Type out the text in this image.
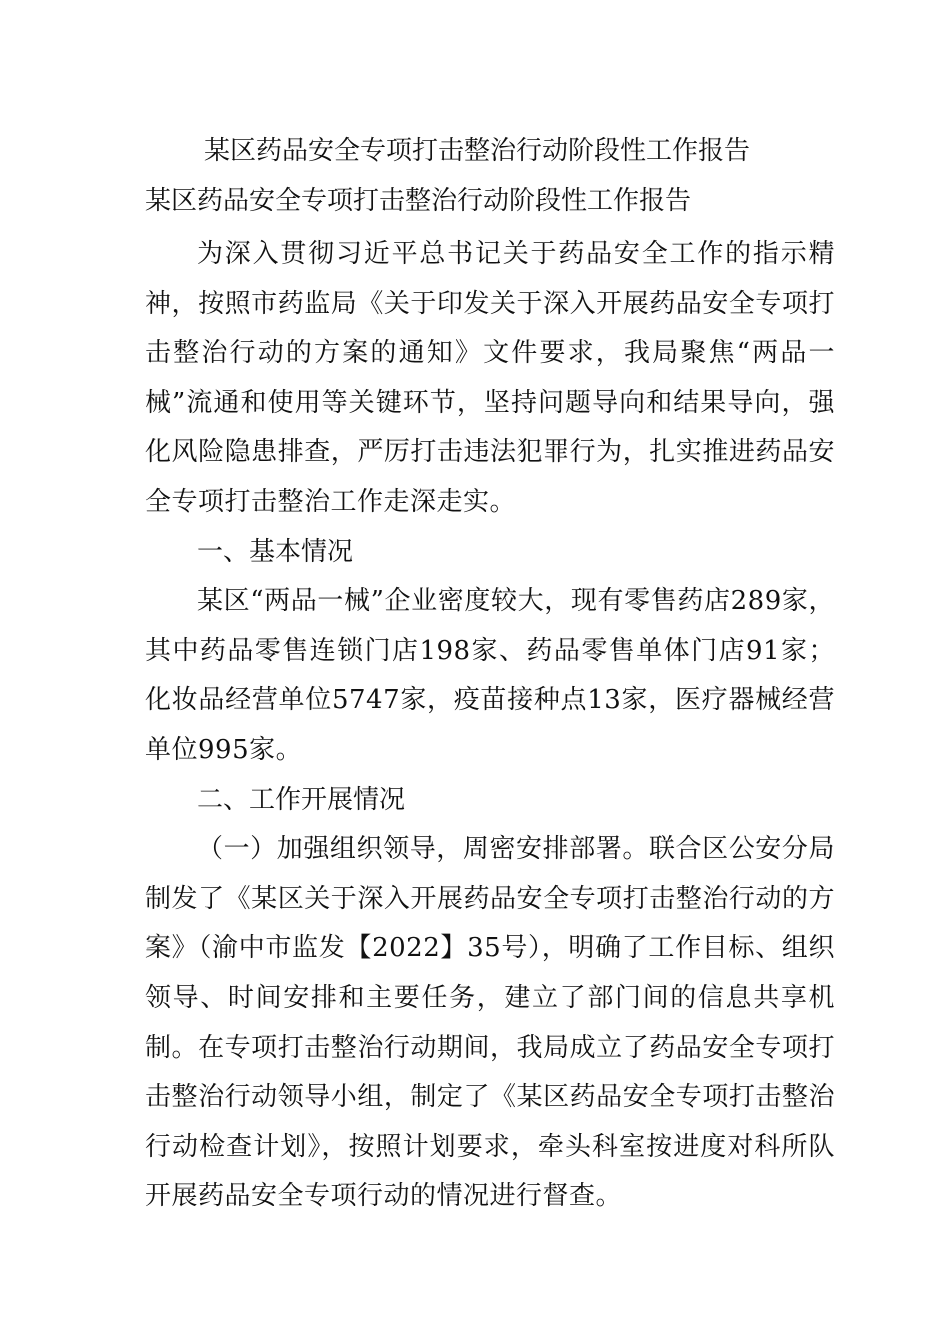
某区药品安全专项打击整治行动阶段性工作报告

某区药品安全专项打击整治行动阶段性工作报告

为深入贯彻习近平总书记关于药品安全工作的指示精神，按照市药监局《关于印发关于深入开展药品安全专项打击整治行动的方案的通知》文件要求，我局聚焦“两品一械”流通和使用等关键环节，坚持问题导向和结果导向，强化风险隐患排查，严厉打击违法犯罪行为，扎实推进药品安全专项打击整治工作走深走实。

一、基本情况

某区“两品一械”企业密度较大，现有零售药店289家，其中药品零售连锁门店198家、药品零售单体门店91家；化妆品经营单位5747家，疫苗接种点13家，医疗器械经营单位995家。

二、工作开展情况

（一）加强组织领导，周密安排部署。联合区公安分局制发了《某区关于深入开展药品安全专项打击整治行动的方案》（渝中市监发【2022】35号），明确了工作目标、组织领导、时间安排和主要任务，建立了部门间的信息共享机制。在专项打击整治行动期间，我局成立了药品安全专项打击整治行动领导小组，制定了《某区药品安全专项打击整治行动检查计划》，按照计划要求，牵头科室按进度对科所队开展药品安全专项行动的情况进行督查。
